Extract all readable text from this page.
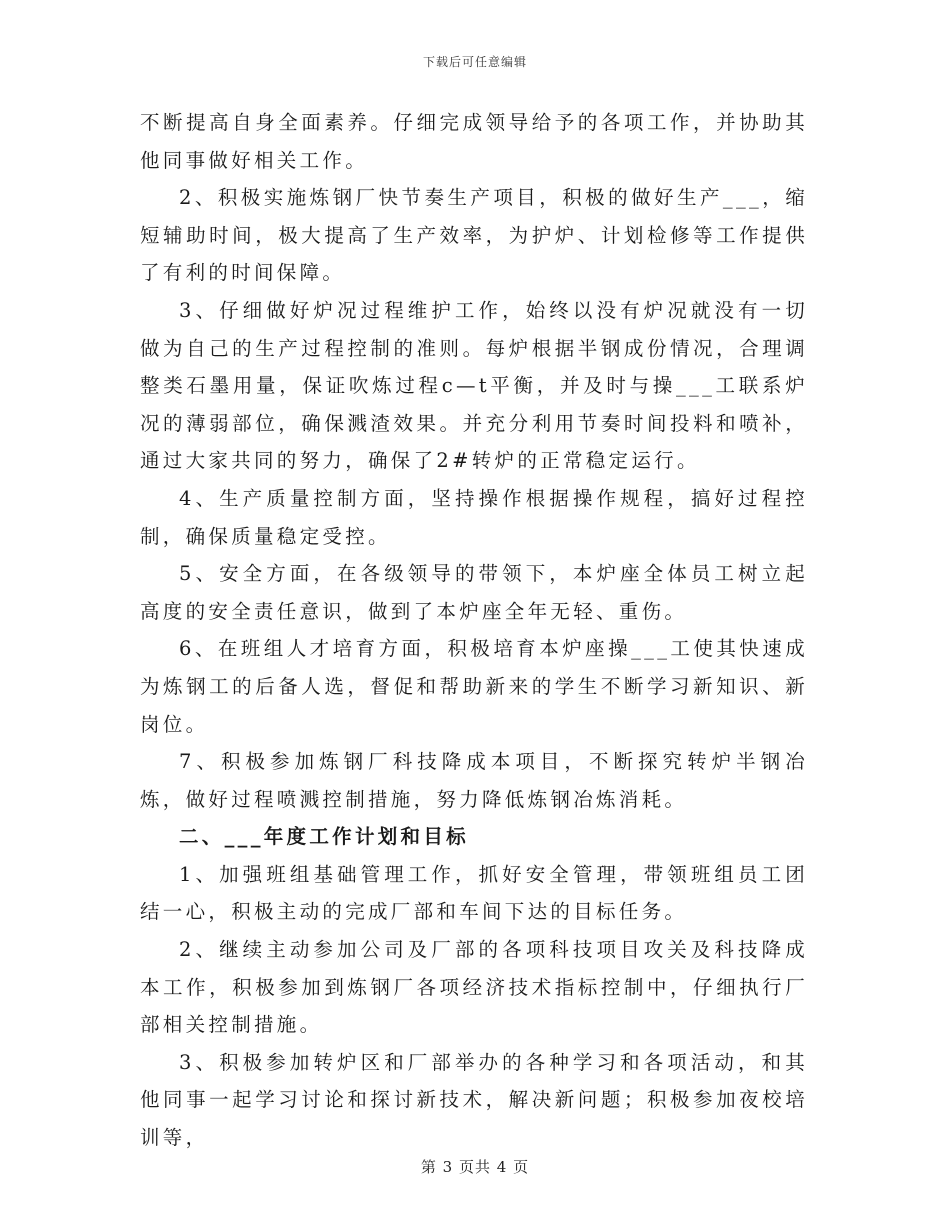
下载后可任意编辑

不断提高自身全面素养。仔细完成领导给予的各项工作，并协助其他同事做好相关工作。

2、积极实施炼钢厂快节奏生产项目，积极的做好生产___，缩短辅助时间，极大提高了生产效率，为护炉、计划检修等工作提供了有利的时间保障。

3、仔细做好炉况过程维护工作，始终以没有炉况就没有一切做为自己的生产过程控制的准则。每炉根据半钢成份情况，合理调整类石墨用量，保证吹炼过程c—t平衡，并及时与操___工联系炉况的薄弱部位，确保溅渣效果。并充分利用节奏时间投料和喷补，通过大家共同的努力，确保了2#转炉的正常稳定运行。

4、生产质量控制方面，坚持操作根据操作规程，搞好过程控制，确保质量稳定受控。

5、安全方面，在各级领导的带领下，本炉座全体员工树立起高度的安全责任意识，做到了本炉座全年无轻、重伤。

6、在班组人才培育方面，积极培育本炉座操___工使其快速成为炼钢工的后备人选，督促和帮助新来的学生不断学习新知识、新岗位。

7、积极参加炼钢厂科技降成本项目，不断探究转炉半钢冶炼，做好过程喷溅控制措施，努力降低炼钢冶炼消耗。

二、___年度工作计划和目标

1、加强班组基础管理工作，抓好安全管理，带领班组员工团结一心，积极主动的完成厂部和车间下达的目标任务。

2、继续主动参加公司及厂部的各项科技项目攻关及科技降成本工作，积极参加到炼钢厂各项经济技术指标控制中，仔细执行厂部相关控制措施。

3、积极参加转炉区和厂部举办的各种学习和各项活动，和其他同事一起学习讨论和探讨新技术，解决新问题；积极参加夜校培训等，

第 3 页共 4 页
